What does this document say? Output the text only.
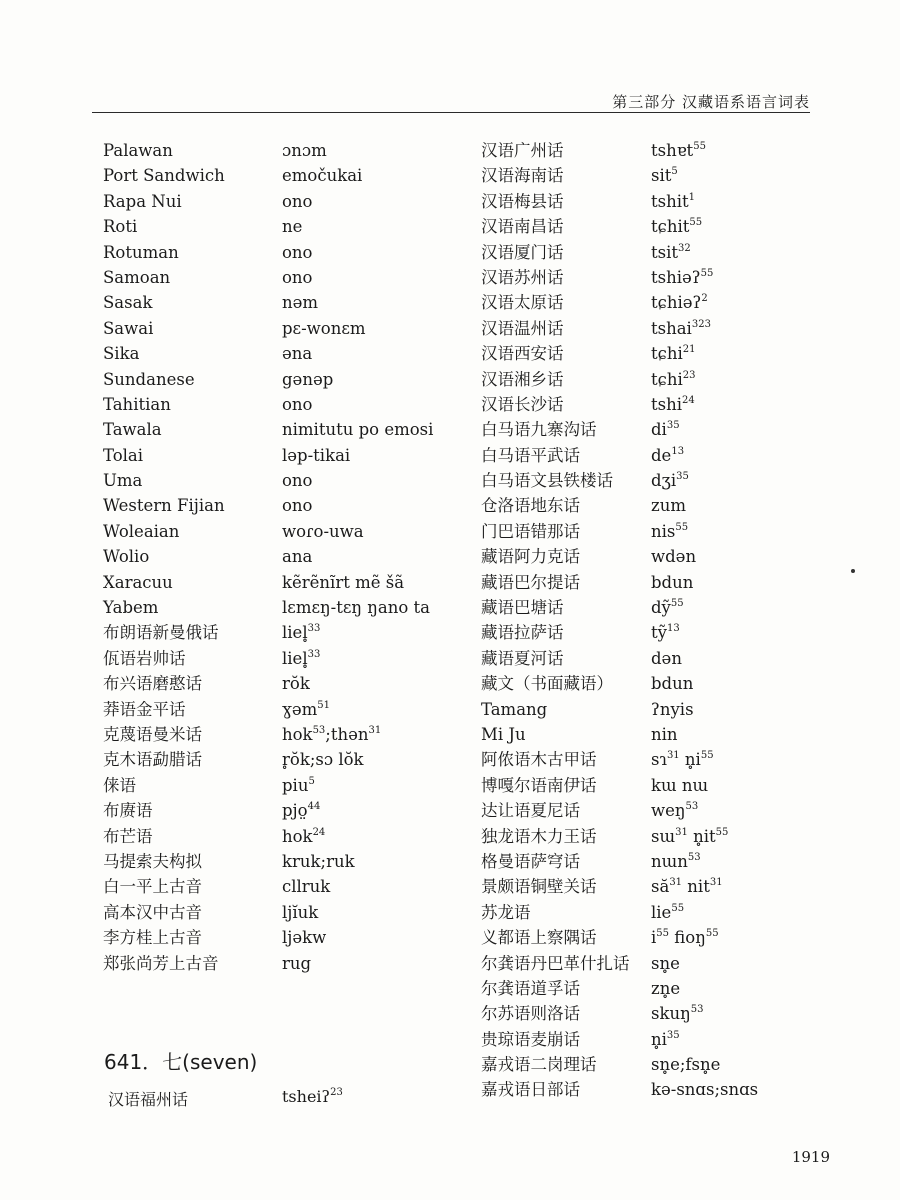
第三部分 汉藏语系语言词表
Palawan
Port Sandwich
Rapa Nui
Roti
Rotuman
Samoan
Sasak
Sawai
Sika
Sundanese
Tahitian
Tawala
Tolai
Uma
Western Fijian
Woleaian
Wolio
Xaracuu
Yabem
布朗语新曼俄话
佤语岩帅话
布兴语磨憨话
莽语金平话
克蔑语曼米话
克木语勐腊话
俫语
布赓语
布芒语
马提索夫构拟
白一平上古音
高本汉中古音
李方桂上古音
郑张尚芳上古音
ɔnɔm
emočukai
ono
ne
ono
ono
nəm
pɛ-wonɛm
əna
gənəp
ono
nimitutu po emosi
ləp-tikai
ono
ono
woɾo-uwa
ana
kẽrẽnĩrt mẽ šã
lɛmɛŋ-tɛŋ ŋano ta
liel̥$^{33}$
liel̥$^{33}$
rŏk
ɣəm$^{51}$
hok$^{53}$;thən$^{31}$
r̥ŏk;sɔ lŏk
piu$^5$
pjo̤$^{44}$
hok$^{24}$
kruk;ruk
cllruk
ljĭuk
ljəkw
rug
汉语广州话
汉语海南话
汉语梅县话
汉语南昌话
汉语厦门话
汉语苏州话
汉语太原话
汉语温州话
汉语西安话
汉语湘乡话
汉语长沙话
白马语九寨沟话
白马语平武话
白马语文县铁楼话
仓洛语地东话
门巴语错那话
藏语阿力克话
藏语巴尔提话
藏语巴塘话
藏语拉萨话
藏语夏河话
藏文（书面藏语）
Tamang
Mi Ju
阿侬语木古甲话
博嘎尔语南伊话
达让语夏尼话
独龙语木力王话
格曼语萨穹话
景颇语铜壁关话
苏龙语
义都语上察隅话
尔龚语丹巴革什扎话
尔龚语道孚话
尔苏语则洛话
贵琼语麦崩话
嘉戎语二岗理话
嘉戎语日部话
tshɐt$^{55}$
sit$^5$
tshit$^1$
tɕhit$^{55}$
tsit$^{32}$
tshiəʔ$^{55}$
tɕhiəʔ$^2$
tshai$^{323}$
tɕhi$^{21}$
tɕhi$^{23}$
tshi$^{24}$
$di^{35}$
$de^{13}$
dʒi$^{35}$
zum
nis$^{55}$
wdən
bdun
dỹ$^{55}$
tỹ$^{13}$
dən
bdun
ʔnyis
nin
sɿ$^{31}$ $n̥i^{55}$
kɯ nɯ
weŋ$^{53}$
sɯ$^{31}$ $n̥it^{55}$
nɯn$^{53}$
$să^{31}$ nit$^{31}$
lie$^{55}$
$i^{55}$ fioŋ$^{55}$
sn̥e
zn̥e
skuŋ$^{53}$
$n̥i^{35}$
sn̥e;fsn̥e
kə-snɑs;snɑs
641．七(seven)
汉语福州话	tsheiʔ$^{23}$
1919
